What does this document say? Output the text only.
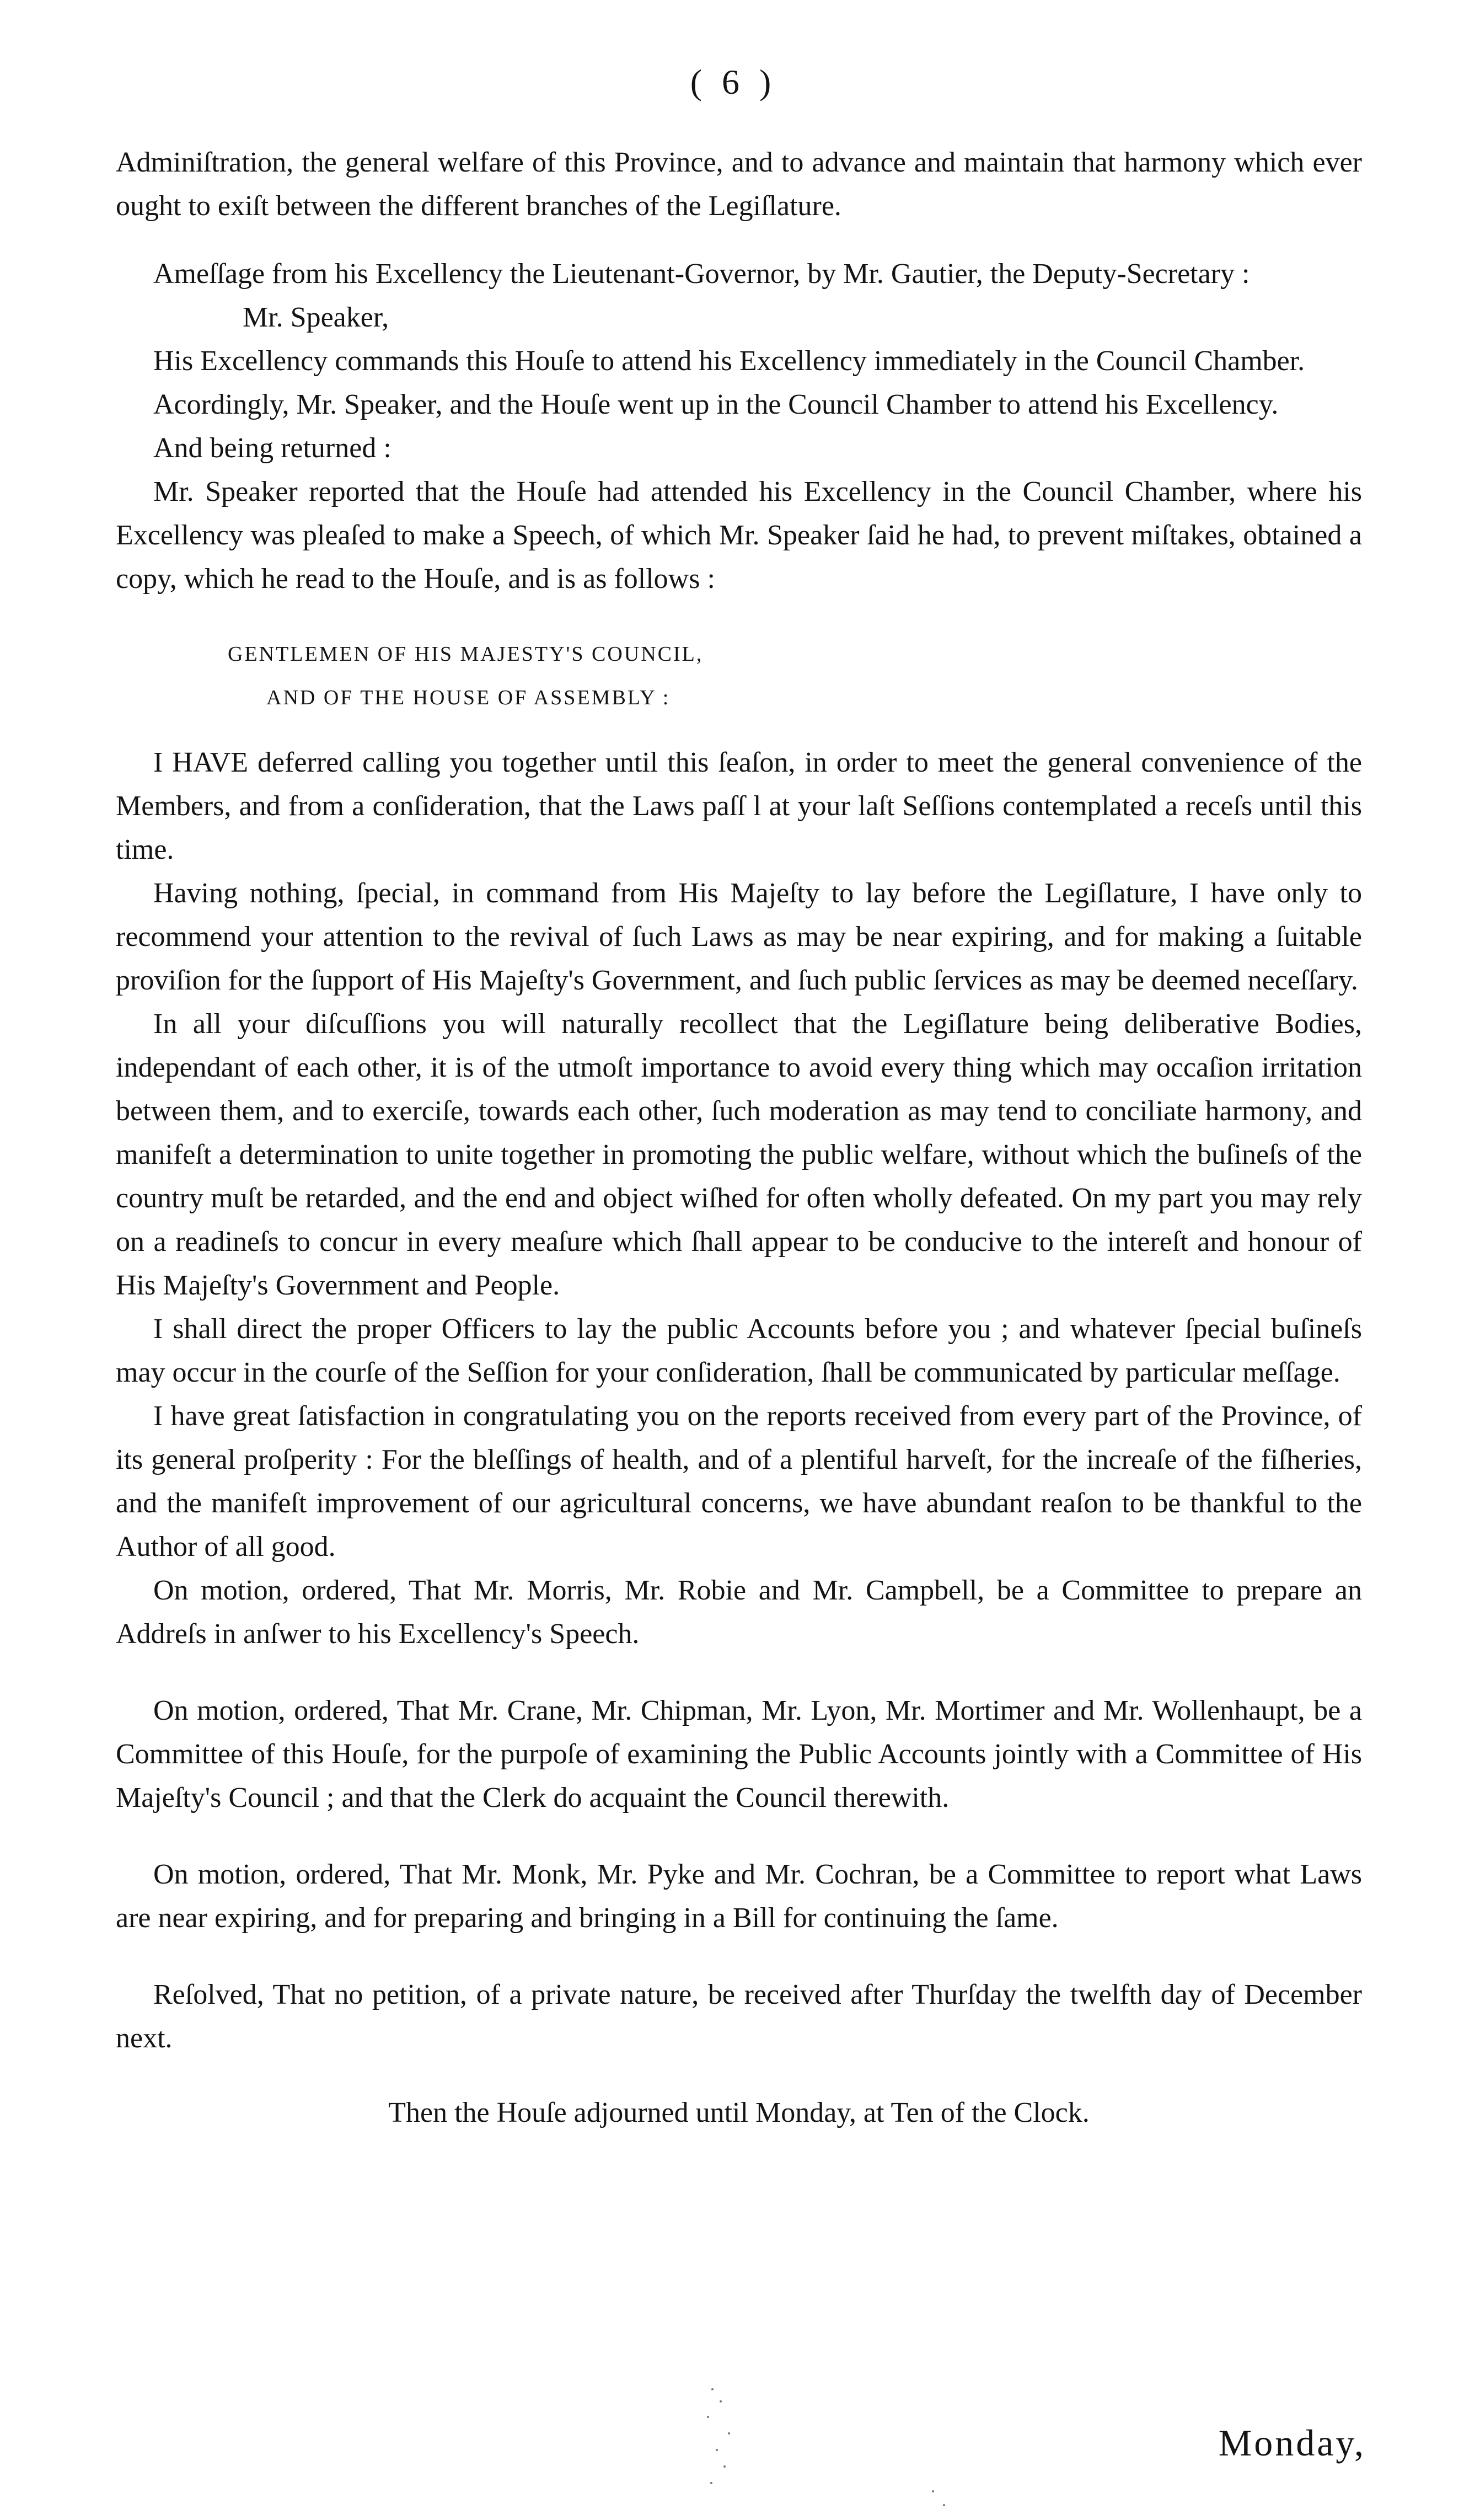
( 6 )

Adminiſtration, the general welfare of this Province, and to advance and maintain that harmony which ever ought to exiſt between the different branches of the Legiſlature.

Ameſſage from his Excellency the Lieutenant-Governor, by Mr. Gautier, the Deputy-Secretary :

Mr. Speaker,

His Excellency commands this Houſe to attend his Excellency immediately in the Council Chamber.

Acordingly, Mr. Speaker, and the Houſe went up in the Council Chamber to attend his Excellency.

And being returned :

Mr. Speaker reported that the Houſe had attended his Excellency in the Council Chamber, where his Excellency was pleaſed to make a Speech, of which Mr. Speaker ſaid he had, to prevent miſtakes, obtained a copy, which he read to the Houſe, and is as follows :

GENTLEMEN OF HIS MAJESTY'S COUNCIL,

AND OF THE HOUSE OF ASSEMBLY :

I HAVE deferred calling you together until this ſeaſon, in order to meet the general convenience of the Members, and from a conſideration, that the Laws paſſ l at your laſt Seſſions contemplated a receſs until this time.

Having nothing, ſpecial, in command from His Majeſty to lay before the Legiſlature, I have only to recommend your attention to the revival of ſuch Laws as may be near expiring, and for making a ſuitable proviſion for the ſupport of His Majeſty's Government, and ſuch public ſervices as may be deemed neceſſary.

In all your diſcuſſions you will naturally recollect that the Legiſlature being deliberative Bodies, independant of each other, it is of the utmoſt importance to avoid every thing which may occaſion irritation between them, and to exerciſe, towards each other, ſuch moderation as may tend to conciliate harmony, and manifeſt a determination to unite together in promoting the public welfare, without which the buſineſs of the country muſt be retarded, and the end and object wiſhed for often wholly defeated. On my part you may rely on a readineſs to concur in every meaſure which ſhall appear to be conducive to the intereſt and honour of His Majeſty's Government and People.

I shall direct the proper Officers to lay the public Accounts before you ; and whatever ſpecial buſineſs may occur in the courſe of the Seſſion for your conſideration, ſhall be communicated by particular meſſage.

I have great ſatisfaction in congratulating you on the reports received from every part of the Province, of its general proſperity : For the bleſſings of health, and of a plentiful harveſt, for the increaſe of the fiſheries, and the manifeſt improvement of our agricultural concerns, we have abundant reaſon to be thankful to the Author of all good.

On motion, ordered, That Mr. Morris, Mr. Robie and Mr. Campbell, be a Committee to prepare an Addreſs in anſwer to his Excellency's Speech.

On motion, ordered, That Mr. Crane, Mr. Chipman, Mr. Lyon, Mr. Mortimer and Mr. Wollenhaupt, be a Committee of this Houſe, for the purpoſe of examining the Public Accounts jointly with a Committee of His Majeſty's Council ; and that the Clerk do acquaint the Council therewith.

On motion, ordered, That Mr. Monk, Mr. Pyke and Mr. Cochran, be a Committee to report what Laws are near expiring, and for preparing and bringing in a Bill for continuing the ſame.

Reſolved, That no petition, of a private nature, be received after Thurſday the twelfth day of December next.

Then the Houſe adjourned until Monday, at Ten of the Clock.

Monday,
